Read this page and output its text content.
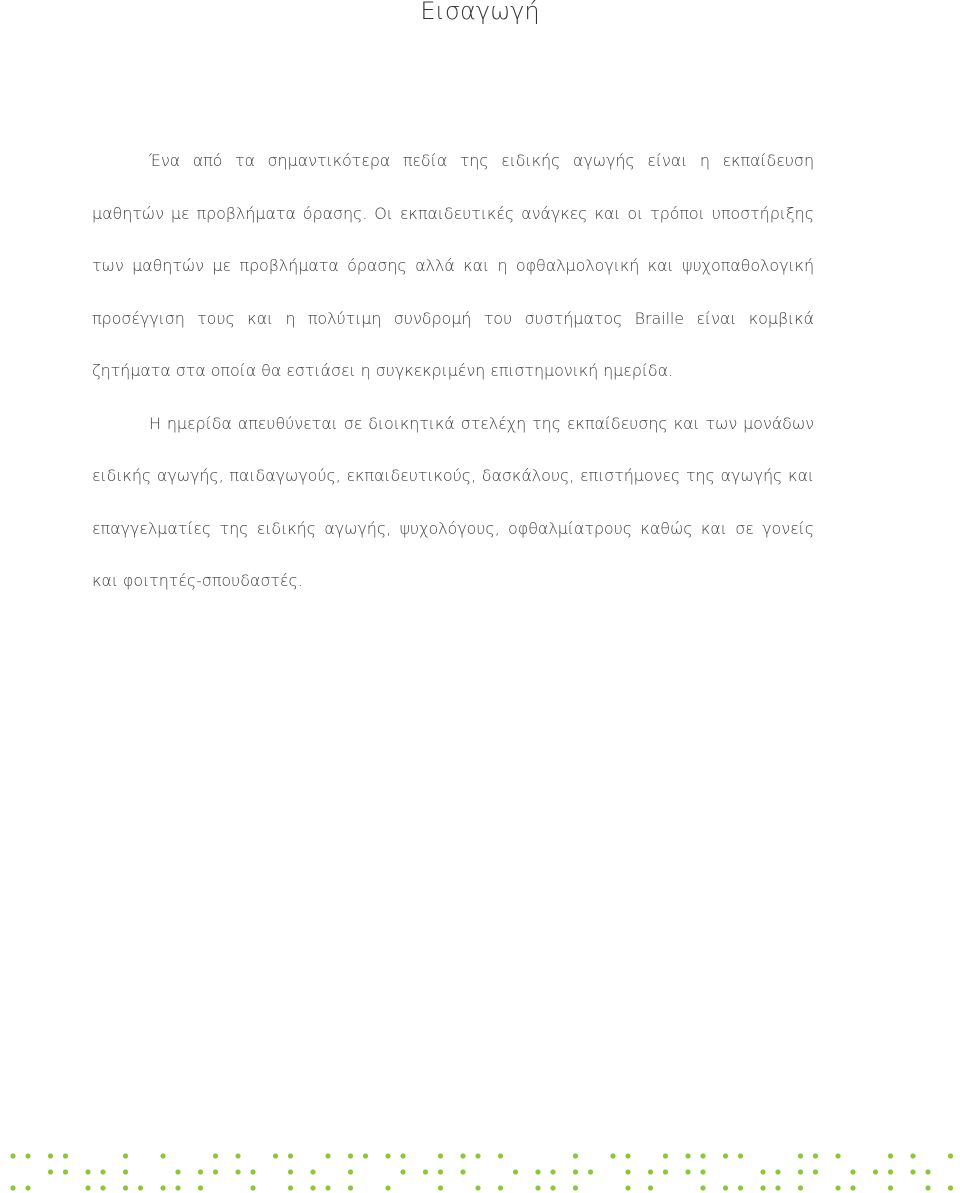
Εισαγωγή

Ένα από τα σημαντικότερα πεδία της ειδικής αγωγής είναι η εκπαίδευση μαθητών με προβλήματα όρασης. Οι εκπαιδευτικές ανάγκες και οι τρόποι υποστήριξης των μαθητών με προβλήματα όρασης αλλά και η οφθαλμολογική και ψυχοπαθολογική προσέγγιση τους και η πολύτιμη συνδρομή του συστήματος Braille είναι κομβικά ζητήματα στα οποία θα εστιάσει η συγκεκριμένη επιστημονική ημερίδα.

Η ημερίδα απευθύνεται σε διοικητικά στελέχη της εκπαίδευσης και των μονάδων ειδικής αγωγής, παιδαγωγούς, εκπαιδευτικούς, δασκάλους, επιστήμονες της αγωγής και επαγγελματίες της ειδικής αγωγής, ψυχολόγους, οφθαλμίατρους καθώς και σε γονείς και φοιτητές-σπουδαστές.
